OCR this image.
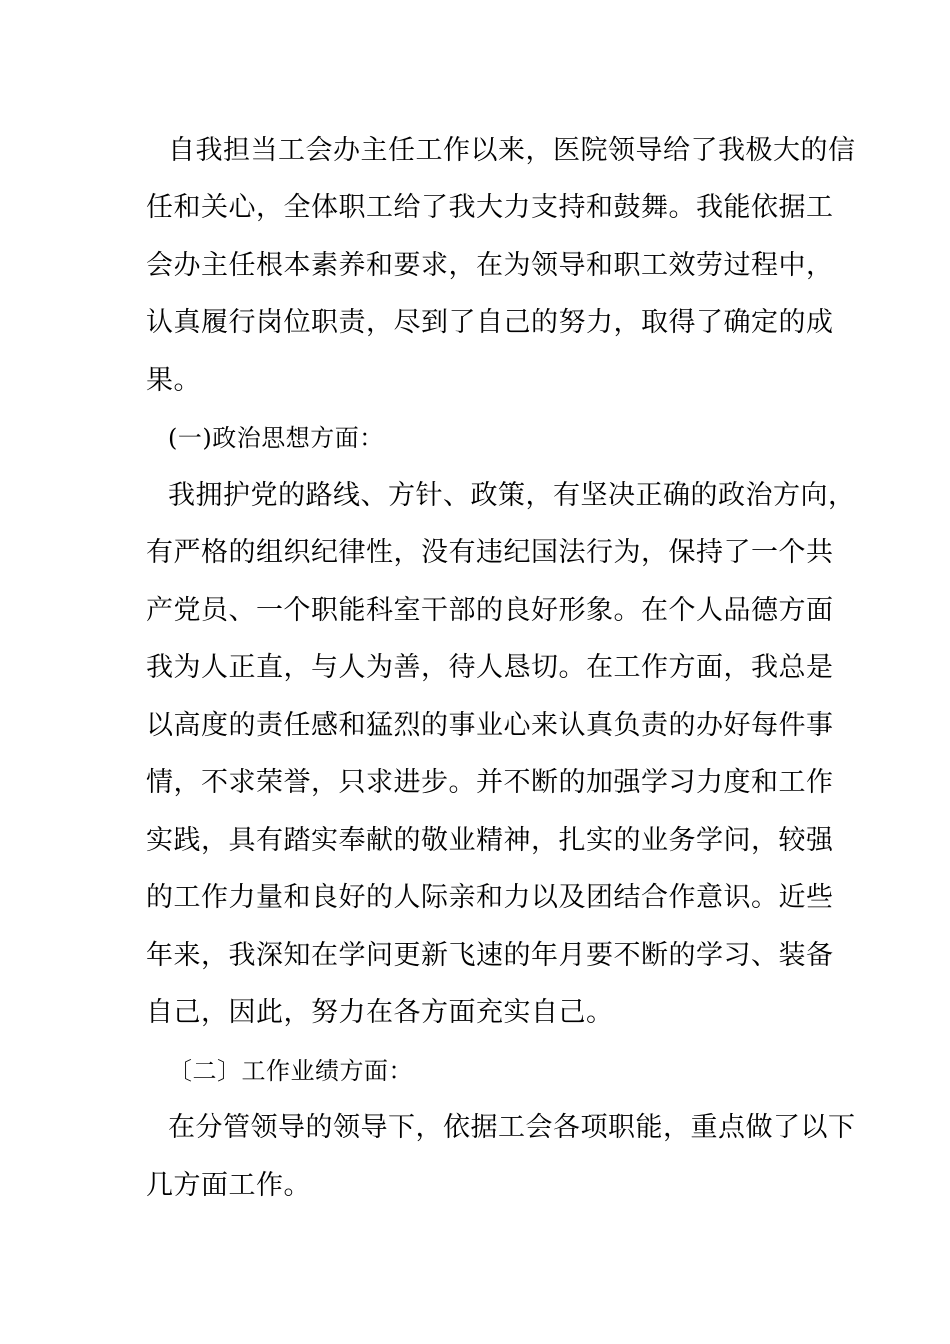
自我担当工会办主任工作以来，医院领导给了我极大的信
任和关心，全体职工给了我大力支持和鼓舞。我能依据工
会办主任根本素养和要求，在为领导和职工效劳过程中，
认真履行岗位职责，尽到了自己的努力，取得了确定的成
果。
(一)政治思想方面：
我拥护党的路线、方针、政策，有坚决正确的政治方向，
有严格的组织纪律性，没有违纪国法行为，保持了一个共
产党员、一个职能科室干部的良好形象。在个人品德方面
我为人正直，与人为善，待人恳切。在工作方面，我总是
以高度的责任感和猛烈的事业心来认真负责的办好每件事
情，不求荣誉，只求进步。并不断的加强学习力度和工作
实践，具有踏实奉献的敬业精神，扎实的业务学问，较强
的工作力量和良好的人际亲和力以及团结合作意识。近些
年来，我深知在学问更新飞速的年月要不断的学习、装备
自己，因此，努力在各方面充实自己。
〔二〕工作业绩方面：
在分管领导的领导下，依据工会各项职能，重点做了以下
几方面工作。
